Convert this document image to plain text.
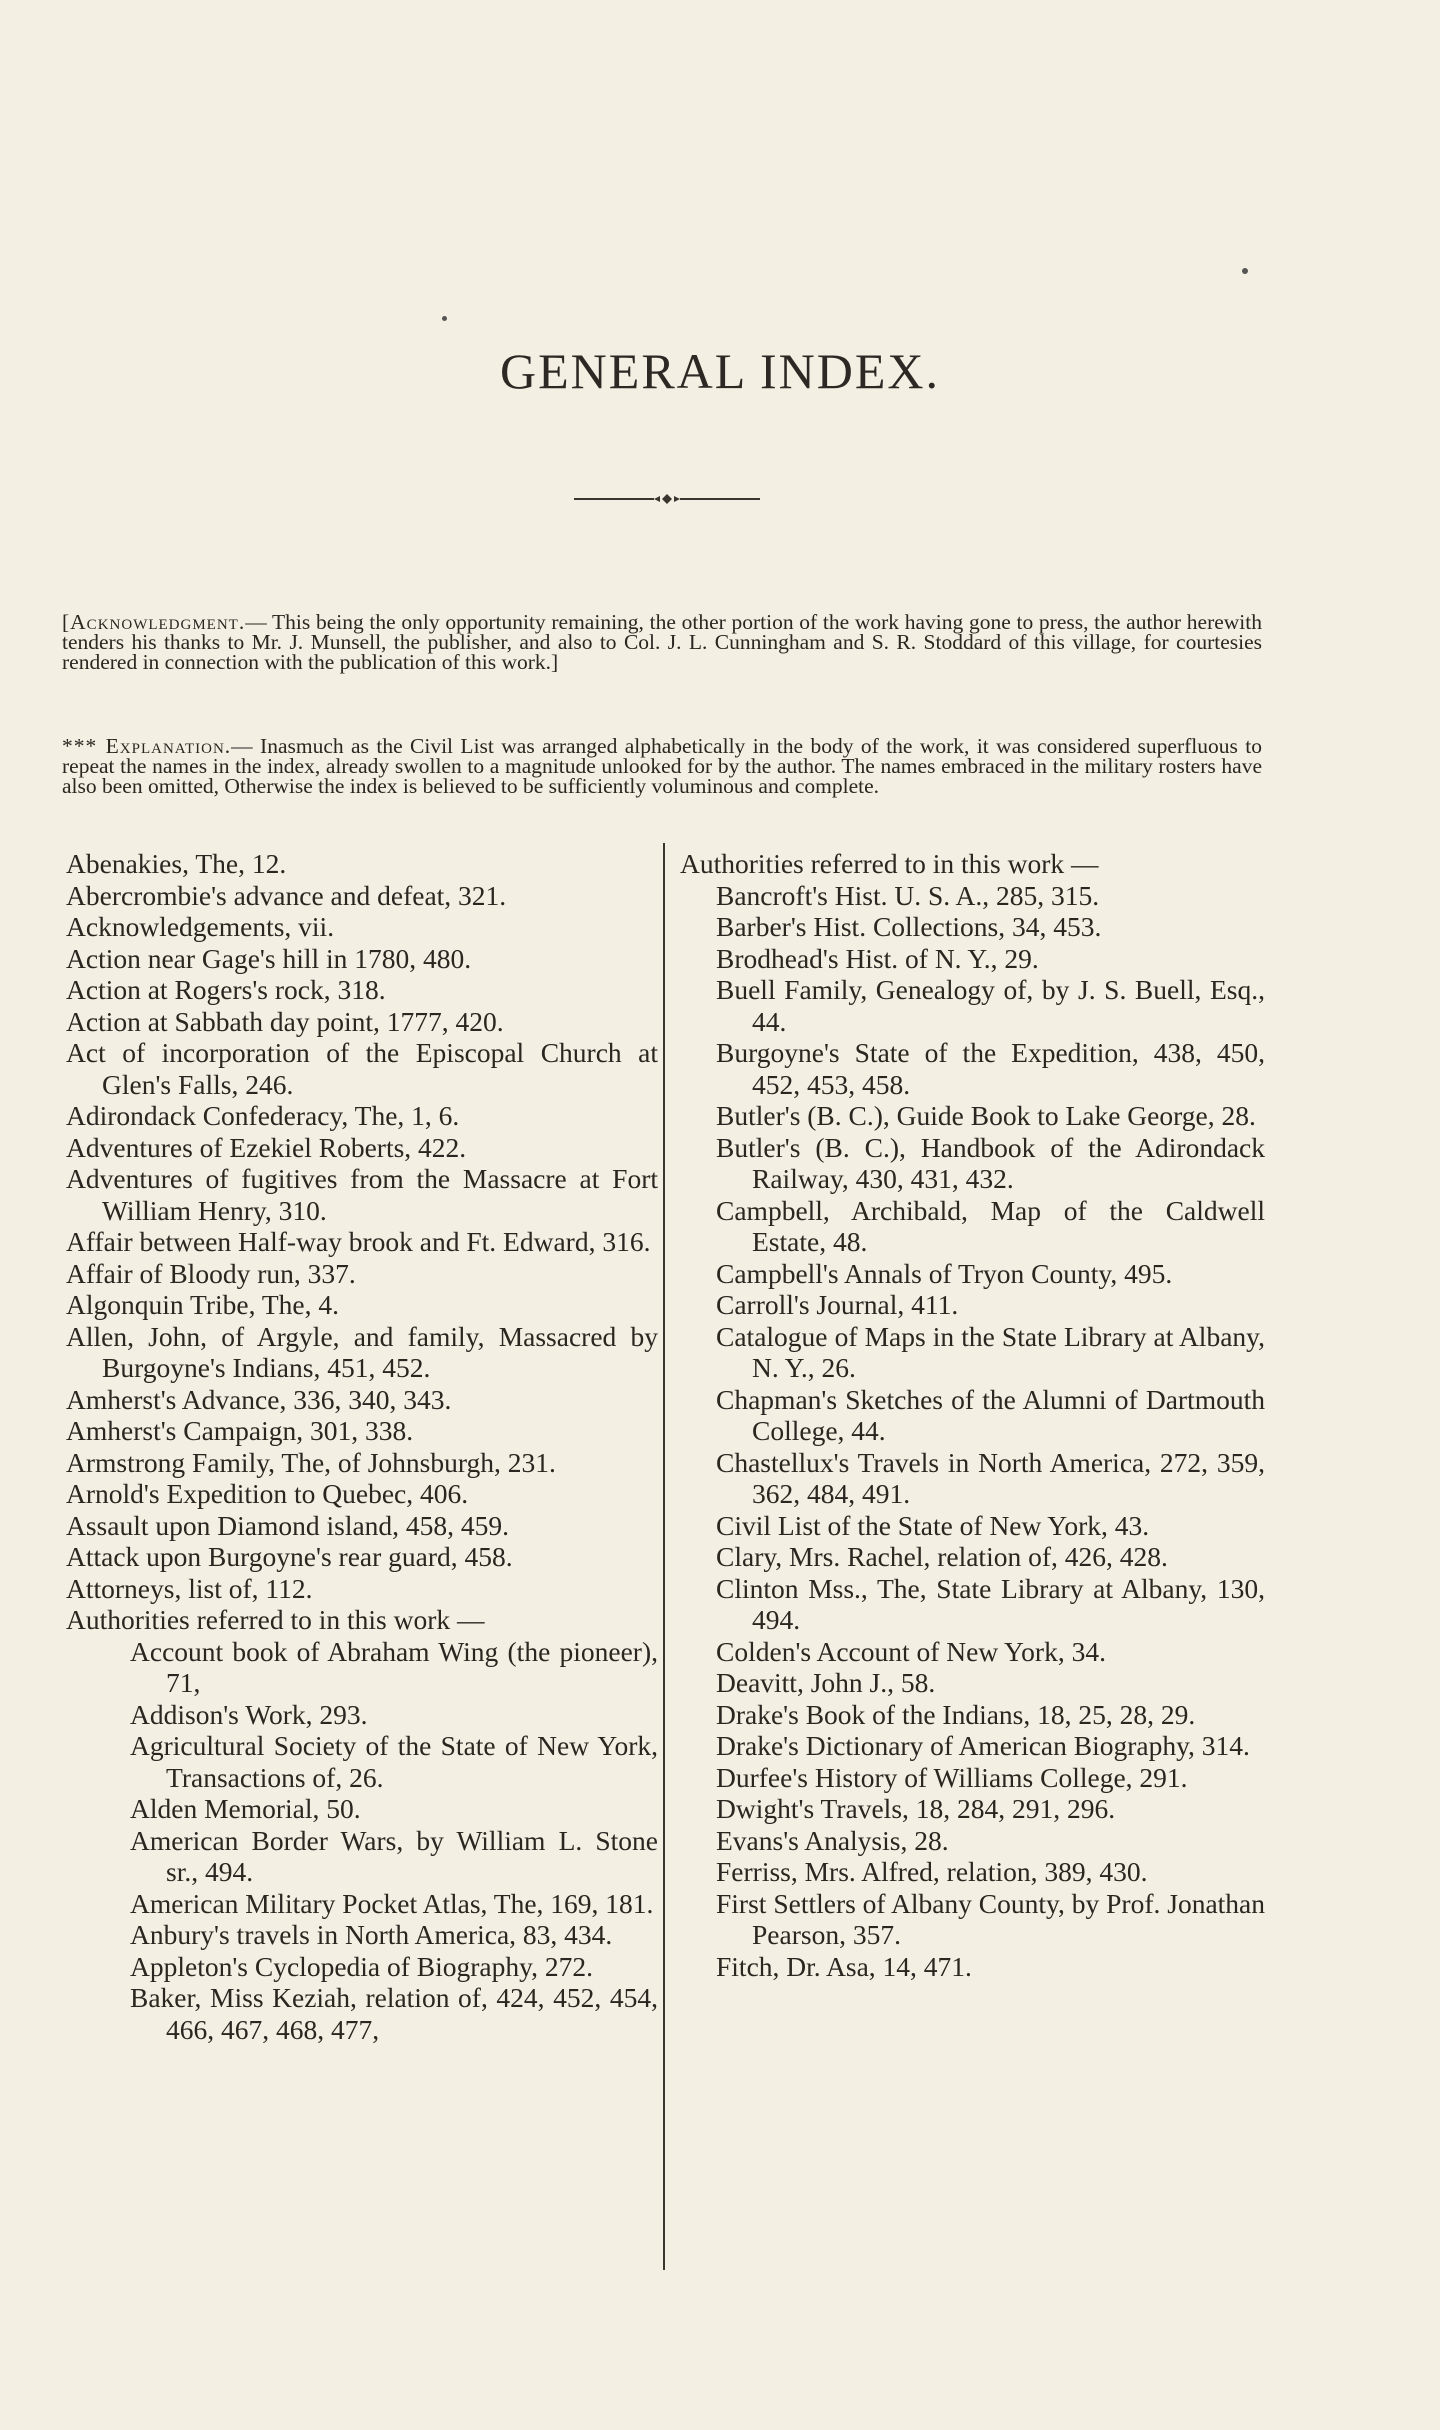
GENERAL INDEX.

[Acknowledgment.— This being the only opportunity remaining, the other portion of the work having gone to press, the author herewith tenders his thanks to Mr. J. Munsell, the publisher, and also to Col. J. L. Cunningham and S. R. Stoddard of this village, for courtesies rendered in connection with the publication of this work.]

*** Explanation.— Inasmuch as the Civil List was arranged alphabetically in the body of the work, it was considered superfluous to repeat the names in the index, already swollen to a magnitude unlooked for by the author. The names embraced in the military rosters have also been omitted, Otherwise the index is believed to be sufficiently voluminous and complete.

Abenakies, The, 12.

Abercrombie's advance and defeat, 321.

Acknowledgements, vii.

Action near Gage's hill in 1780, 480.

Action at Rogers's rock, 318.

Action at Sabbath day point, 1777, 420.

Act of incorporation of the Episcopal Church at Glen's Falls, 246.

Adirondack Confederacy, The, 1, 6.

Adventures of Ezekiel Roberts, 422.

Adventures of fugitives from the Massacre at Fort William Henry, 310.

Affair between Half-way brook and Ft. Edward, 316.

Affair of Bloody run, 337.

Algonquin Tribe, The, 4.

Allen, John, of Argyle, and family, Massacred by Burgoyne's Indians, 451, 452.

Amherst's Advance, 336, 340, 343.

Amherst's Campaign, 301, 338.

Armstrong Family, The, of Johnsburgh, 231.

Arnold's Expedition to Quebec, 406.

Assault upon Diamond island, 458, 459.

Attack upon Burgoyne's rear guard, 458.

Attorneys, list of, 112.

Authorities referred to in this work —

Account book of Abraham Wing (the pioneer), 71,

Addison's Work, 293.

Agricultural Society of the State of New York, Transactions of, 26.

Alden Memorial, 50.

American Border Wars, by William L. Stone sr., 494.

American Military Pocket Atlas, The, 169, 181.

Anbury's travels in North America, 83, 434.

Appleton's Cyclopedia of Biography, 272.

Baker, Miss Keziah, relation of, 424, 452, 454, 466, 467, 468, 477,

Authorities referred to in this work —

Bancroft's Hist. U. S. A., 285, 315.

Barber's Hist. Collections, 34, 453.

Brodhead's Hist. of N. Y., 29.

Buell Family, Genealogy of, by J. S. Buell, Esq., 44.

Burgoyne's State of the Expedition, 438, 450, 452, 453, 458.

Butler's (B. C.), Guide Book to Lake George, 28.

Butler's (B. C.), Handbook of the Adirondack Railway, 430, 431, 432.

Campbell, Archibald, Map of the Caldwell Estate, 48.

Campbell's Annals of Tryon County, 495.

Carroll's Journal, 411.

Catalogue of Maps in the State Library at Albany, N. Y., 26.

Chapman's Sketches of the Alumni of Dartmouth College, 44.

Chastellux's Travels in North America, 272, 359, 362, 484, 491.

Civil List of the State of New York, 43.

Clary, Mrs. Rachel, relation of, 426, 428.

Clinton Mss., The, State Library at Albany, 130, 494.

Colden's Account of New York, 34.

Deavitt, John J., 58.

Drake's Book of the Indians, 18, 25, 28, 29.

Drake's Dictionary of American Biography, 314.

Durfee's History of Williams College, 291.

Dwight's Travels, 18, 284, 291, 296.

Evans's Analysis, 28.

Ferriss, Mrs. Alfred, relation, 389, 430.

First Settlers of Albany County, by Prof. Jonathan Pearson, 357.

Fitch, Dr. Asa, 14, 471.
